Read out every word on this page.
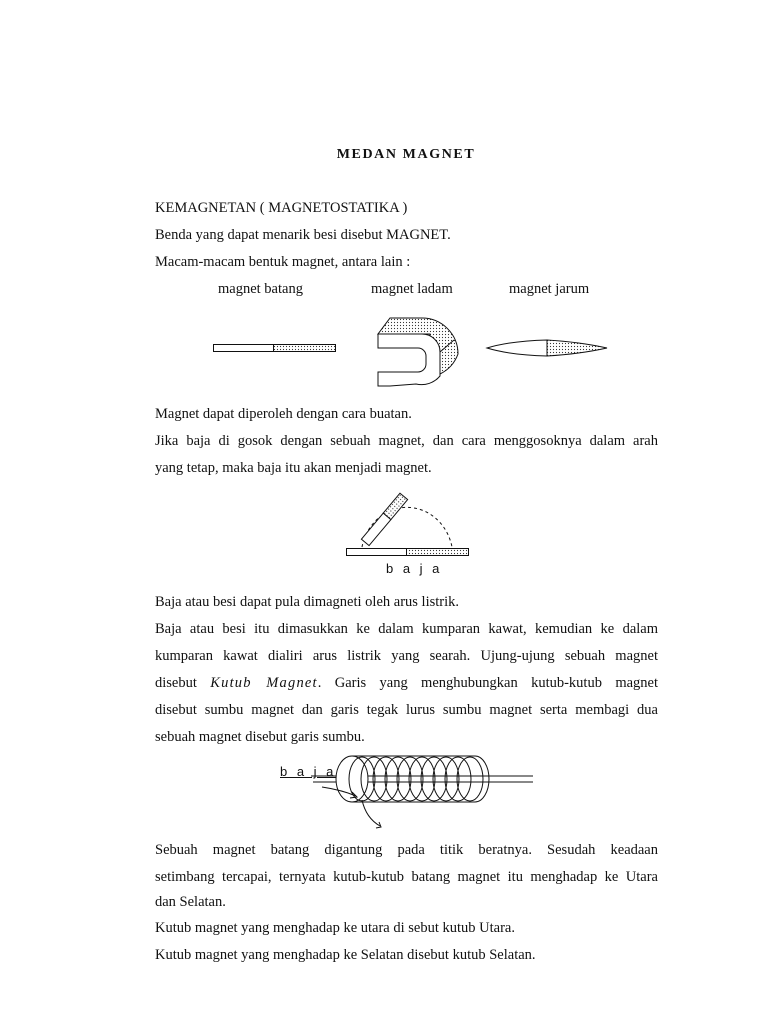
MEDAN MAGNET
KEMAGNETAN ( MAGNETOSTATIKA )
Benda yang dapat menarik besi disebut MAGNET.
Macam-macam bentuk magnet, antara lain :
magnet batang	magnet ladam	magnet jarum
Magnet dapat diperoleh dengan cara buatan.
Jika baja di gosok dengan sebuah magnet, dan cara menggosoknya dalam arah
yang tetap, maka baja itu akan menjadi magnet.
b a j a
Baja atau besi dapat pula dimagneti oleh arus listrik.
Baja atau besi itu dimasukkan ke dalam kumparan kawat, kemudian ke dalam
kumparan kawat dialiri arus listrik yang searah. Ujung-ujung sebuah magnet
disebut Kutub Magnet. Garis yang menghubungkan kutub-kutub magnet
disebut sumbu magnet dan garis tegak lurus sumbu magnet serta membagi dua
sebuah magnet disebut garis sumbu.
b a j a
Sebuah magnet batang digantung pada titik beratnya. Sesudah keadaan
setimbang tercapai, ternyata kutub-kutub batang magnet itu menghadap ke Utara
dan Selatan.
Kutub magnet yang menghadap ke utara di sebut kutub Utara.
Kutub magnet yang menghadap ke Selatan disebut kutub Selatan.
